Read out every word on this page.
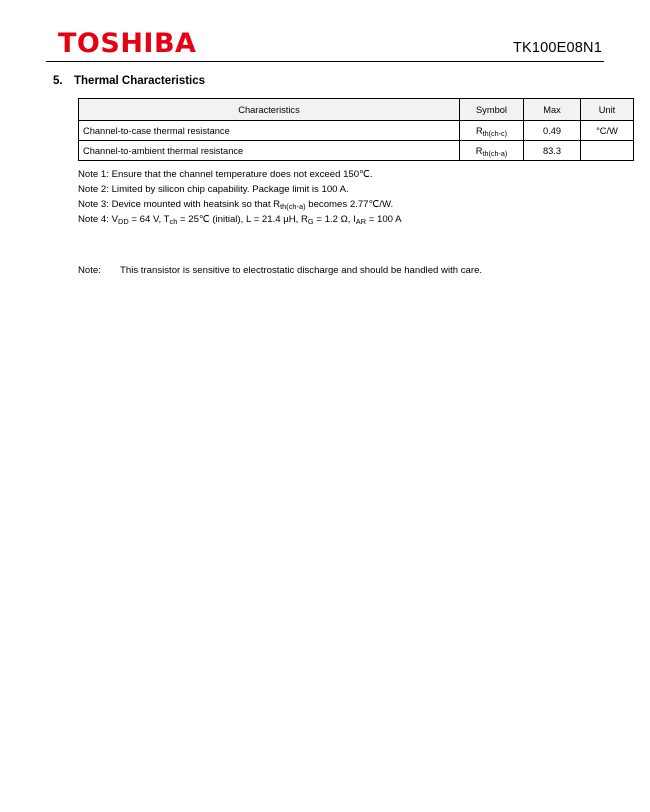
TOSHIBA	TK100E08N1
5. Thermal Characteristics
Characteristics	Symbol	Max	Unit
Channel-to-case thermal resistance	$R_{th(ch-c)}$	0.49	°C/W
Channel-to-ambient thermal resistance	$R_{th(ch-a)}$	83.3	
Note 1: Ensure that the channel temperature does not exceed 150℃.
Note 2: Limited by silicon chip capability. Package limit is 100 A.
Note 3: Device mounted with heatsink so that $R_{th(ch-a)}$ becomes 2.77℃/W.
Note 4: $V_{DD} = 64$ V, $T_{ch}$ = 25℃ (initial), L = 21.4 µH, $R_G = 1.2$ Ω, $I_{AR} = 100$ A
Note:	This transistor is sensitive to electrostatic discharge and should be handled with care.
